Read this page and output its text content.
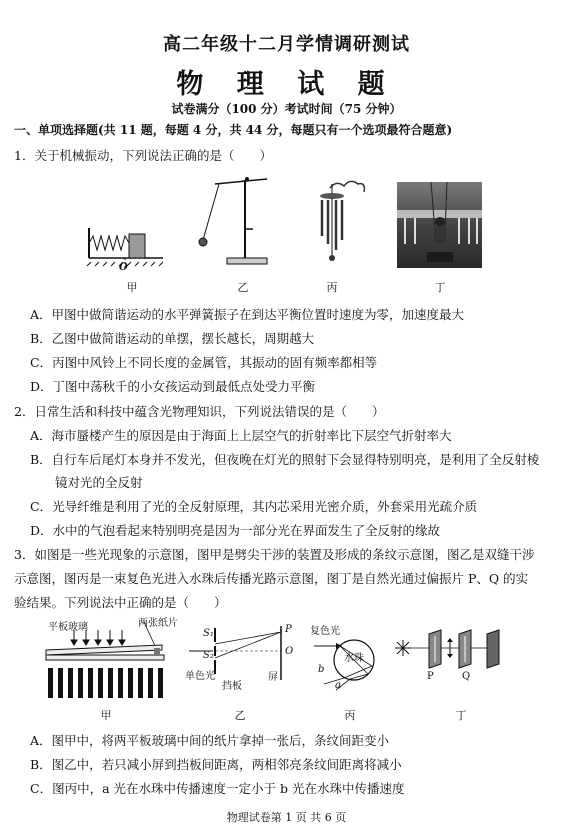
高二年级十二月学情调研测试
物 理 试 题
试卷满分（100 分）考试时间（75 分钟）
一、单项选择题(共 11 题，每题 4 分，共 44 分，每题只有一个选项最符合题意)
1．关于机械振动，下列说法正确的是（　　）
O
甲	乙	丙	丁
A．甲图中做简谐运动的水平弹簧振子在到达平衡位置时速度为零，加速度最大
B．乙图中做简谐运动的单摆，摆长越长，周期越大
C．丙图中风铃上不同长度的金属管，其振动的固有频率都相等
D．丁图中荡秋千的小女孩运动到最低点处受力平衡
2．日常生活和科技中蕴含光物理知识，下列说法错误的是（　　）
A．海市蜃楼产生的原因是由于海面上上层空气的折射率比下层空气折射率大
B．自行车后尾灯本身并不发光，但夜晚在灯光的照射下会显得特别明亮，是利用了全反射棱
　　镜对光的全反射
C．光导纤维是利用了光的全反射原理，其内芯采用光密介质，外套采用光疏介质
D．水中的气泡看起来特别明亮是因为一部分光在界面发生了全反射的缘故
3．如图是一些光现象的示意图，图甲是劈尖干涉的装置及形成的条纹示意图，图乙是双缝干涉
示意图，图丙是一束复色光进入水珠后传播光路示意图，图丁是自然光通过偏振片 P、Q 的实
验结果。下列说法中正确的是（　　）
平板玻璃	两张纸片
甲
S₁
S₂
P
O
单色光
挡板
屏
乙
复色光
水珠
b
a
丙
P	Q
丁
A．图甲中，将两平板玻璃中间的纸片拿掉一张后，条纹间距变小
B．图乙中，若只减小屏到挡板间距离，两相邻亮条纹间距离将减小
C．图丙中，a 光在水珠中传播速度一定小于 b 光在水珠中传播速度
物理试卷第 1 页 共 6 页
